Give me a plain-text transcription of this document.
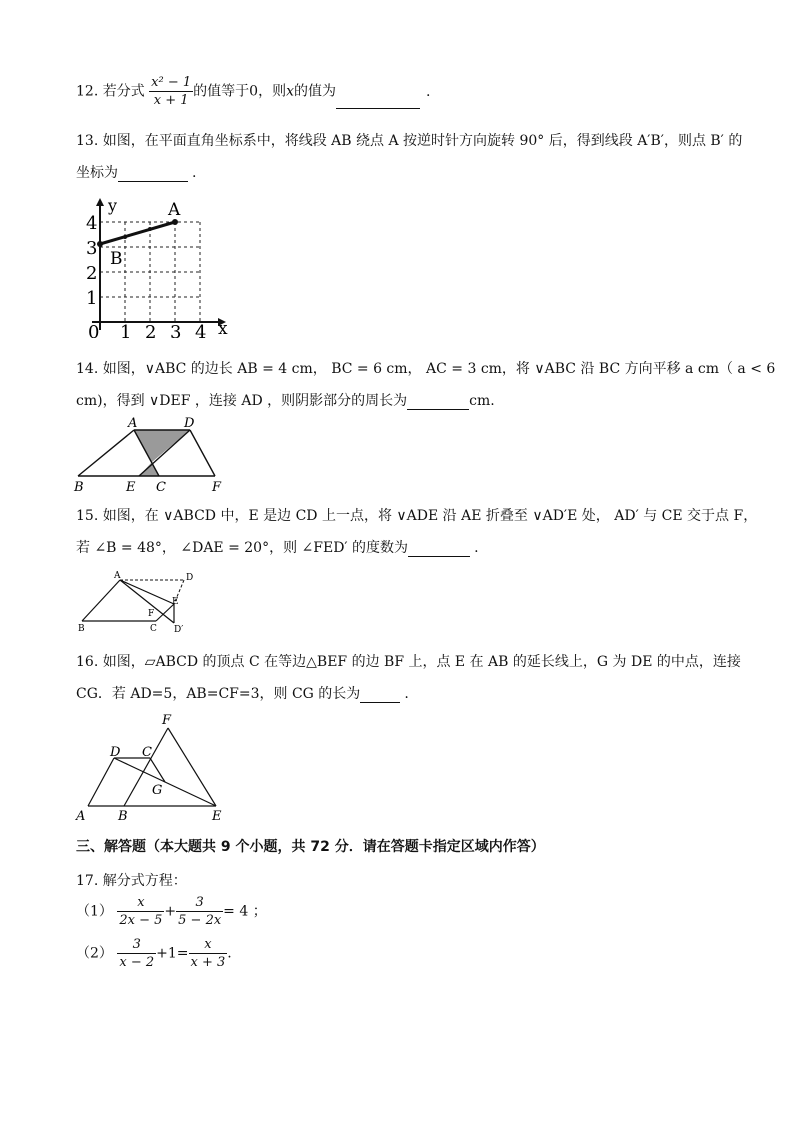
12. 若分式 $\frac{\text{x² − 1}}{x + 1}$ 的值等于0，则x的值为	.
13. 如图，在平面直角坐标系中，将线段 AB 绕点 A 按逆时针方向旋转 90° 后，得到线段 A′B′，则点 B′ 的
坐标为	.
y
x
0 1 2 3 4
1
2
3
4
A
B
14. 如图，∨ABC 的边长 AB = 4 cm， BC = 6 cm， AC = 3 cm，将 ∨ABC 沿 BC 方向平移 a cm（ a < 6
cm)，得到 ∨DEF ，连接 AD ，则阴影部分的周长为	cm.
A	D
B	E C	F
15. 如图，在 ∨ABCD 中，E 是边 CD 上一点，将 ∨ADE 沿 AE 折叠至 ∨AD′E 处， AD′ 与 CE 交于点 F，
若 ∠B = 48°， ∠DAE = 20°，则 ∠FED′ 的度数为	.
A	D
E
F
B	C D′
16. 如图，▱ABCD 的顶点 C 在等边△BEF 的边 BF 上，点 E 在 AB 的延长线上，G 为 DE 的中点，连接
CG．若 AD=5，AB=CF=3，则 CG 的长为	.
F
D C
G
A	B	E
三、解答题（本大题共 9 个小题，共 72 分．请在答题卡指定区域内作答）
17. 解分式方程：
$(1) \frac{x}{2x - 5} + \frac{3}{5 - 2x} = 4$ ；
$(2) \frac{3}{x - 2} +1= \frac{x}{x + 3}$ .
